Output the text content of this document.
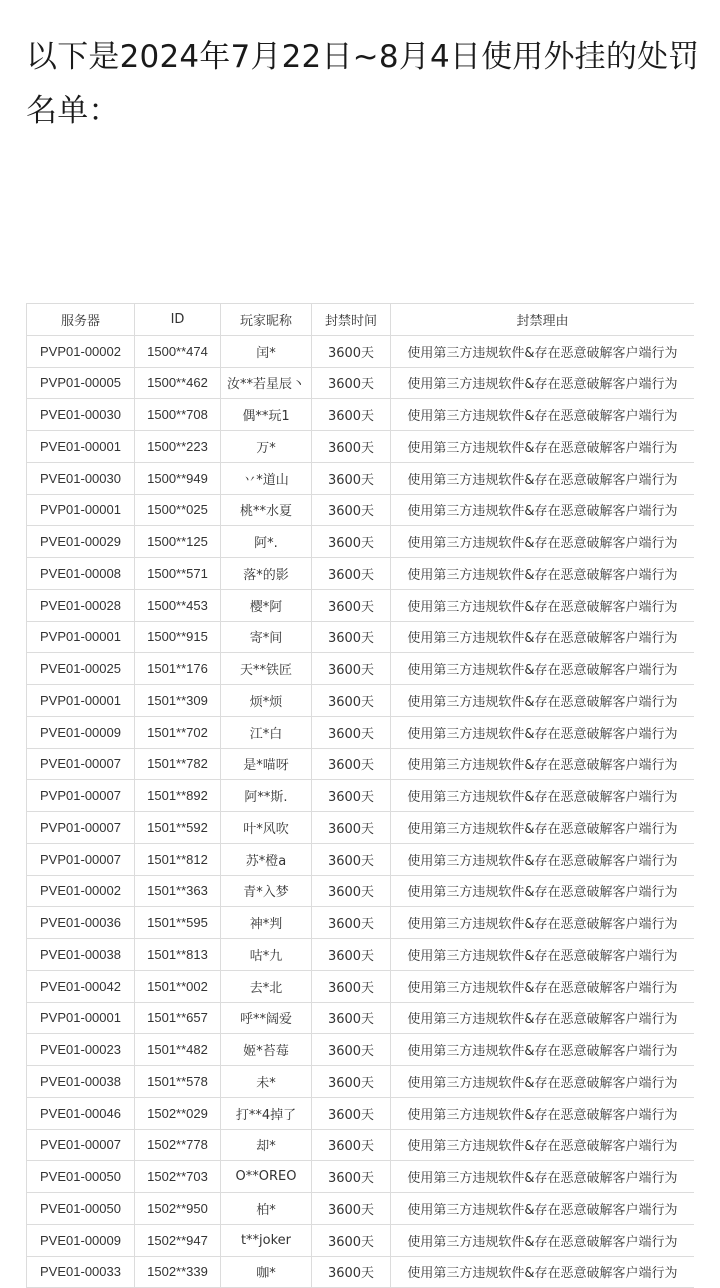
以下是2024年7月22日~8月4日使用外挂的处罚名单：
服务器	ID	玩家昵称	封禁时间	封禁理由
PVP01-00002	1500**474	闰*	3600天	使用第三方违规软件&存在恶意破解客户端行为
PVP01-00005	1500**462	汝**若星辰丶	3600天	使用第三方违规软件&存在恶意破解客户端行为
PVE01-00030	1500**708	偶**玩1	3600天	使用第三方违规软件&存在恶意破解客户端行为
PVE01-00001	1500**223	万*	3600天	使用第三方违规软件&存在恶意破解客户端行为
PVE01-00030	1500**949	丷*道山	3600天	使用第三方违规软件&存在恶意破解客户端行为
PVP01-00001	1500**025	桃**水夏	3600天	使用第三方违规软件&存在恶意破解客户端行为
PVE01-00029	1500**125	阿*.	3600天	使用第三方违规软件&存在恶意破解客户端行为
PVE01-00008	1500**571	落*的影	3600天	使用第三方违规软件&存在恶意破解客户端行为
PVE01-00028	1500**453	樱*阿	3600天	使用第三方违规软件&存在恶意破解客户端行为
PVP01-00001	1500**915	寄*间	3600天	使用第三方违规软件&存在恶意破解客户端行为
PVE01-00025	1501**176	天**铁匠	3600天	使用第三方违规软件&存在恶意破解客户端行为
PVP01-00001	1501**309	烦*烦	3600天	使用第三方违规软件&存在恶意破解客户端行为
PVE01-00009	1501**702	江*白	3600天	使用第三方违规软件&存在恶意破解客户端行为
PVE01-00007	1501**782	是*喵呀	3600天	使用第三方违规软件&存在恶意破解客户端行为
PVP01-00007	1501**892	阿**斯.	3600天	使用第三方违规软件&存在恶意破解客户端行为
PVP01-00007	1501**592	叶*风吹	3600天	使用第三方违规软件&存在恶意破解客户端行为
PVP01-00007	1501**812	苏*橙a	3600天	使用第三方违规软件&存在恶意破解客户端行为
PVE01-00002	1501**363	青*入梦	3600天	使用第三方违规软件&存在恶意破解客户端行为
PVE01-00036	1501**595	神*判	3600天	使用第三方违规软件&存在恶意破解客户端行为
PVE01-00038	1501**813	咕*九	3600天	使用第三方违规软件&存在恶意破解客户端行为
PVE01-00042	1501**002	去*北	3600天	使用第三方违规软件&存在恶意破解客户端行为
PVP01-00001	1501**657	呼**阔爱	3600天	使用第三方违规软件&存在恶意破解客户端行为
PVE01-00023	1501**482	姬*苔莓	3600天	使用第三方违规软件&存在恶意破解客户端行为
PVE01-00038	1501**578	未*	3600天	使用第三方违规软件&存在恶意破解客户端行为
PVE01-00046	1502**029	打**4掉了	3600天	使用第三方违规软件&存在恶意破解客户端行为
PVE01-00007	1502**778	却*	3600天	使用第三方违规软件&存在恶意破解客户端行为
PVE01-00050	1502**703	O**OREO	3600天	使用第三方违规软件&存在恶意破解客户端行为
PVE01-00050	1502**950	柏*	3600天	使用第三方违规软件&存在恶意破解客户端行为
PVE01-00009	1502**947	t**joker	3600天	使用第三方违规软件&存在恶意破解客户端行为
PVE01-00033	1502**339	咖*	3600天	使用第三方违规软件&存在恶意破解客户端行为
